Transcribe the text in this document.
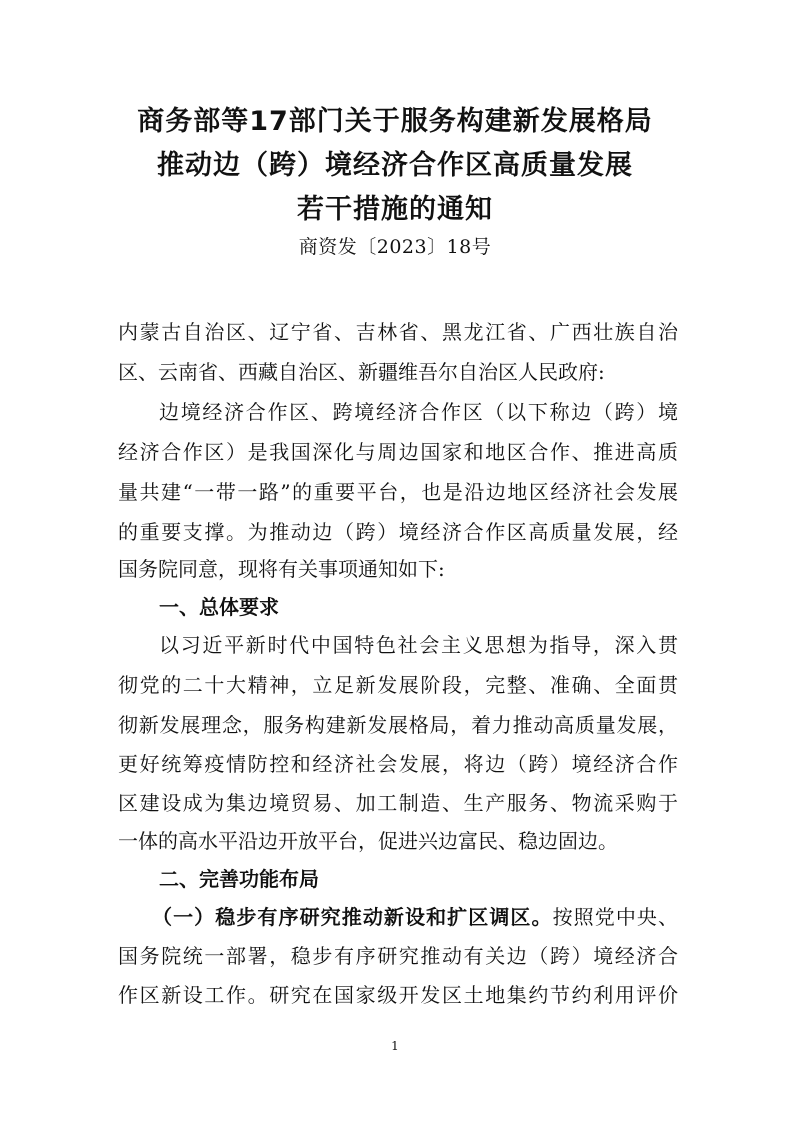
商务部等17部门关于服务构建新发展格局
推动边（跨）境经济合作区高质量发展
若干措施的通知
商资发〔2023〕18号
内蒙古自治区、辽宁省、吉林省、黑龙江省、广西壮族自治
区、云南省、西藏自治区、新疆维吾尔自治区人民政府:
边境经济合作区、跨境经济合作区（以下称边（跨）境
经济合作区）是我国深化与周边国家和地区合作、推进高质
量共建“一带一路”的重要平台，也是沿边地区经济社会发展
的重要支撑。为推动边（跨）境经济合作区高质量发展，经
国务院同意，现将有关事项通知如下:
一、总体要求
以习近平新时代中国特色社会主义思想为指导，深入贯
彻党的二十大精神，立足新发展阶段，完整、准确、全面贯
彻新发展理念，服务构建新发展格局，着力推动高质量发展，
更好统筹疫情防控和经济社会发展，将边（跨）境经济合作
区建设成为集边境贸易、加工制造、生产服务、物流采购于
一体的高水平沿边开放平台，促进兴边富民、稳边固边。
二、完善功能布局
（一）稳步有序研究推动新设和扩区调区。按照党中央、
国务院统一部署，稳步有序研究推动有关边（跨）境经济合
作区新设工作。研究在国家级开发区土地集约节约利用评价
1
